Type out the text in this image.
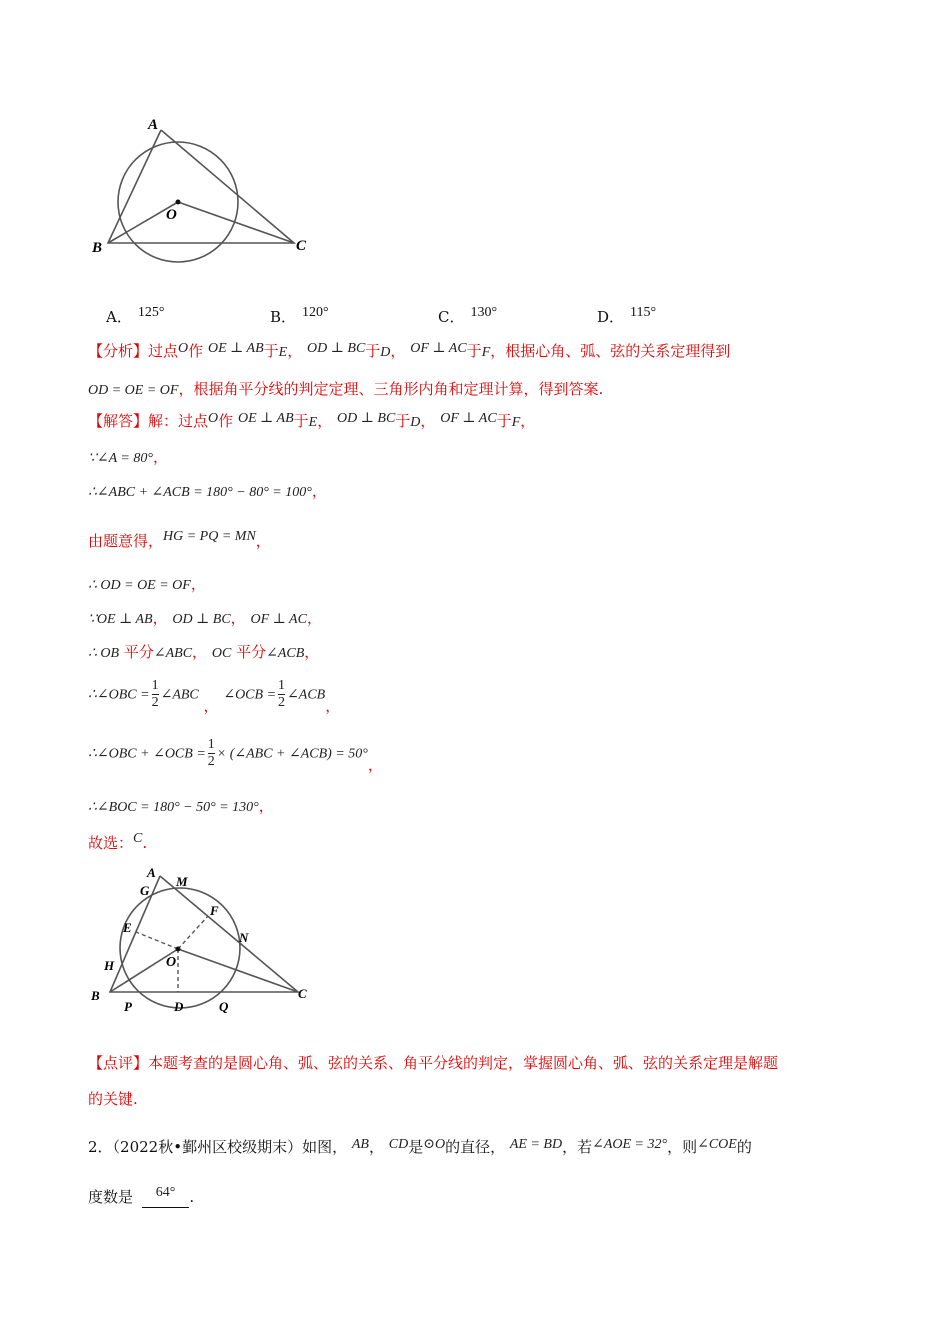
A
B	C
O
A． 125°	B． 120°	C． 130°	D． 115°
【分析】过点O作 OE ⊥ AB于E， OD ⊥ BC于D， OF ⊥ AC于F，根据心角、弧、弦的关系定理得到
OD = OE = OF，根据角平分线的判定定理、三角形内角和定理计算，得到答案.
【解答】解：过点O作 OE ⊥ AB于E， OD ⊥ BC于D， OF ⊥ AC于F，
∵∠A = 80°，
∴∠ABC + ∠ACB = 180° − 80° = 100°，
由题意得，HG = PQ = MN，
∴ OD = OE = OF，
∵OE ⊥ AB， OD ⊥ BC， OF ⊥ AC，
∴ OB 平分∠ABC， OC 平分∠ACB，
∴∠OBC = $\frac{1}{2}$ ∠ABC ， ∠OCB = $\frac{1}{2}$ ∠ACB，
∴∠OBC + ∠OCB = $\frac{1}{2}$ × (∠ABC + ∠ACB) = 50°，
∴∠BOC = 180° − 50° = 130°，
故选：C.
A
G
M
F
E
N
H	O
B
P	D	Q
C
【点评】本题考查的是圆心角、弧、弦的关系、角平分线的判定，掌握圆心角、弧、弦的关系定理是解题
的关键.
2．（2022秋•鄞州区校级期末）如图， AB， CD是⊙O的直径， AE = BD，若∠AOE = 32°，则∠COE的
度数是 64° .
